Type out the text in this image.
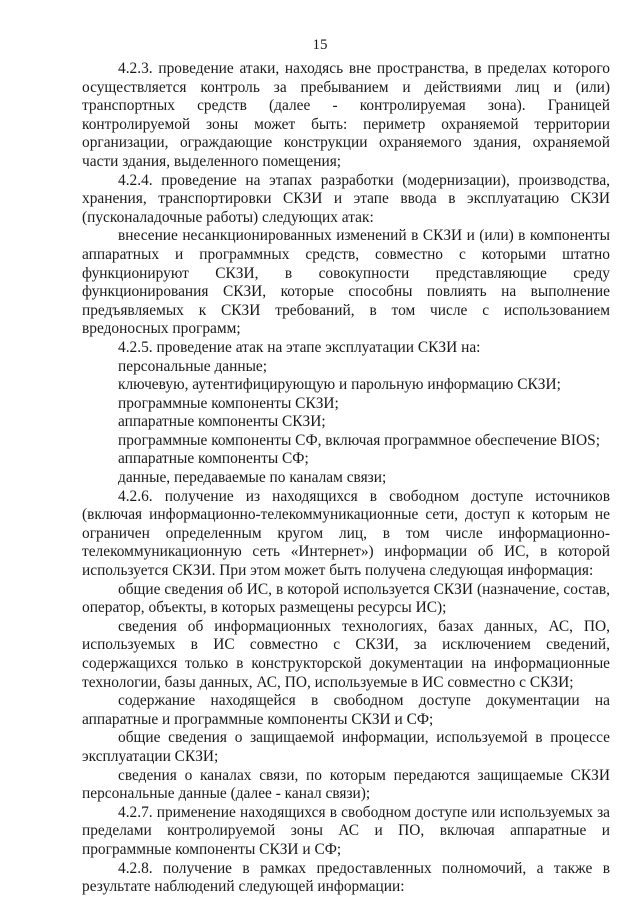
15

4.2.3. проведение атаки, находясь вне пространства, в пределах которого осуществляется контроль за пребыванием и действиями лиц и (или) транспортных средств (далее - контролируемая зона). Границей контролируемой зоны может быть: периметр охраняемой территории организации, ограждающие конструкции охраняемого здания, охраняемой части здания, выделенного помещения;

4.2.4. проведение на этапах разработки (модернизации), производства, хранения, транспортировки СКЗИ и этапе ввода в эксплуатацию СКЗИ (пусконаладочные работы) следующих атак:

внесение несанкционированных изменений в СКЗИ и (или) в компоненты аппаратных и программных средств, совместно с которыми штатно функционируют СКЗИ, в совокупности представляющие среду функционирования СКЗИ, которые способны повлиять на выполнение предъявляемых к СКЗИ требований, в том числе с использованием вредоносных программ;

4.2.5. проведение атак на этапе эксплуатации СКЗИ на:

персональные данные;

ключевую, аутентифицирующую и парольную информацию СКЗИ;

программные компоненты СКЗИ;

аппаратные компоненты СКЗИ;

программные компоненты СФ, включая программное обеспечение BIOS;

аппаратные компоненты СФ;

данные, передаваемые по каналам связи;

4.2.6. получение из находящихся в свободном доступе источников (включая информационно-телекоммуникационные сети, доступ к которым не ограничен определенным кругом лиц, в том числе информационно-телекоммуникационную сеть «Интернет») информации об ИС, в которой используется СКЗИ. При этом может быть получена следующая информация:

общие сведения об ИС, в которой используется СКЗИ (назначение, состав, оператор, объекты, в которых размещены ресурсы ИС);

сведения об информационных технологиях, базах данных, АС, ПО, используемых в ИС совместно с СКЗИ, за исключением сведений, содержащихся только в конструкторской документации на информационные технологии, базы данных, АС, ПО, используемые в ИС совместно с СКЗИ;

содержание находящейся в свободном доступе документации на аппаратные и программные компоненты СКЗИ и СФ;

общие сведения о защищаемой информации, используемой в процессе эксплуатации СКЗИ;

сведения о каналах связи, по которым передаются защищаемые СКЗИ персональные данные (далее - канал связи);

4.2.7. применение находящихся в свободном доступе или используемых за пределами контролируемой зоны АС и ПО, включая аппаратные и программные компоненты СКЗИ и СФ;

4.2.8. получение в рамках предоставленных полномочий, а также в результате наблюдений следующей информации:
